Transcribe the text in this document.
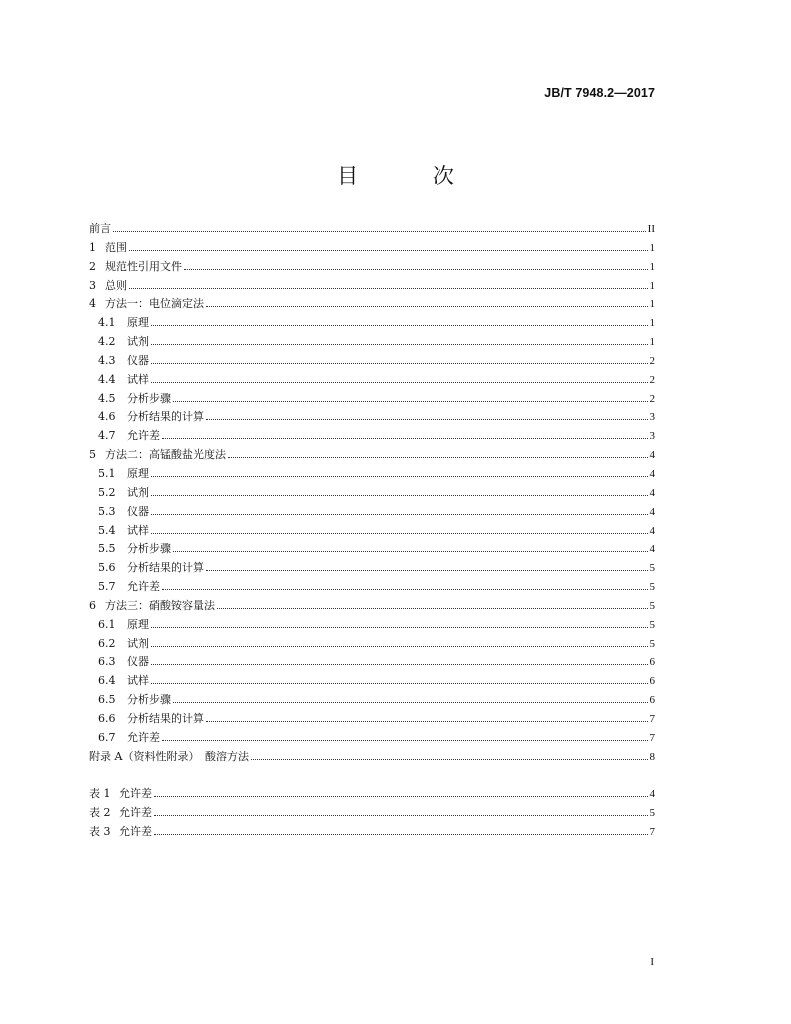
JB/T 7948.2—2017
目 次
前言	II
1 范围	1
2 规范性引用文件	1
3 总则	1
4 方法一：电位滴定法	1
4.1	原理	1
4.2	试剂	1
4.3	仪器	2
4.4	试样	2
4.5	分析步骤	2
4.6	分析结果的计算	3
4.7	允许差	3
5 方法二：高锰酸盐光度法	4
5.1	原理	4
5.2	试剂	4
5.3	仪器	4
5.4	试样	4
5.5	分析步骤	4
5.6	分析结果的计算	5
5.7	允许差	5
6 方法三：硝酸铵容量法	5
6.1	原理	5
6.2	试剂	5
6.3	仪器	6
6.4	试样	6
6.5	分析步骤	6
6.6	分析结果的计算	7
6.7	允许差	7
附录 A（资料性附录）　酸溶方法	8
表 1 允许差	4
表 2 允许差	5
表 3 允许差	7
I
